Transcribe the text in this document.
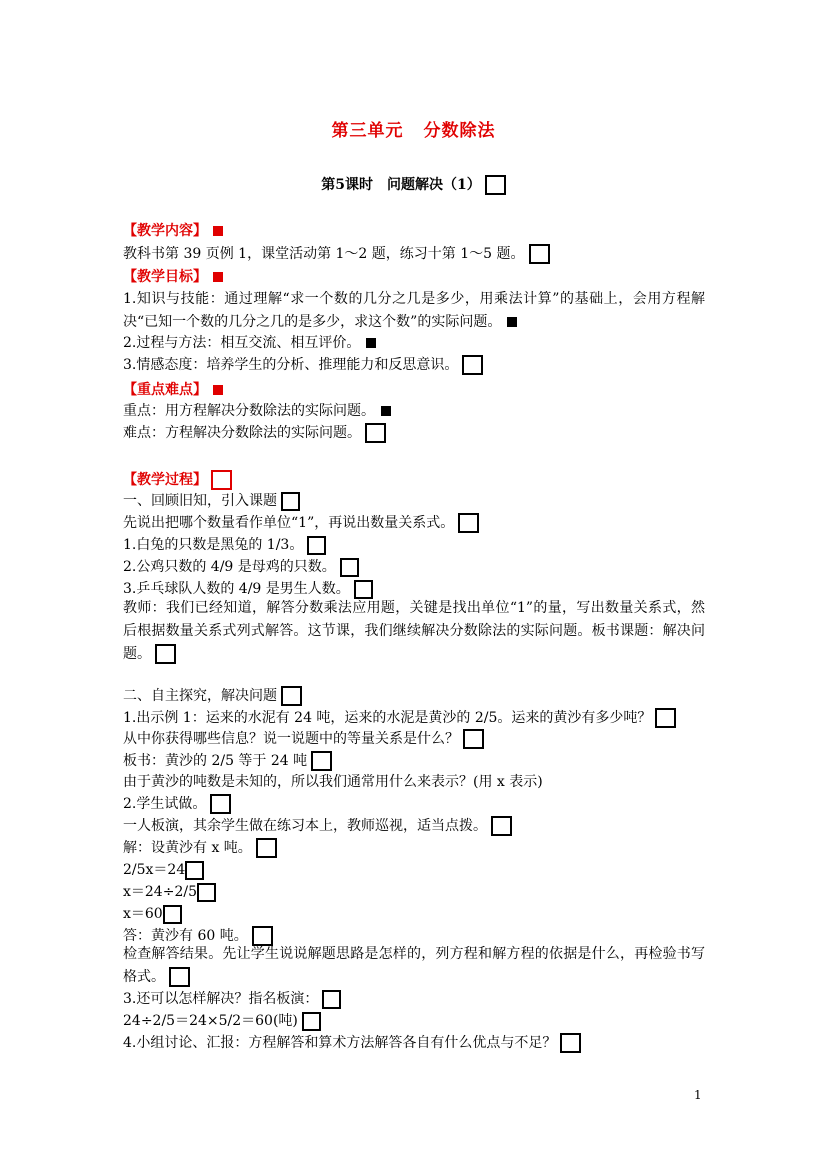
第三单元 分数除法
第5课时　问题解决（1）
【教学内容】
教科书第 39 页例 1，课堂活动第 1～2 题，练习十第 1～5 题。
【教学目标】
1.知识与技能：通过理解“求一个数的几分之几是多少，用乘法计算”的基础上，会用方程解决“已知一个数的几分之几的是多少，求这个数”的实际问题。
2.过程与方法：相互交流、相互评价。
3.情感态度：培养学生的分析、推理能力和反思意识。
【重点难点】
重点：用方程解决分数除法的实际问题。
难点：方程解决分数除法的实际问题。
【教学过程】
一、回顾旧知，引入课题
先说出把哪个数量看作单位“1”，再说出数量关系式。
1.白兔的只数是黑兔的 1/3。
2.公鸡只数的 4/9 是母鸡的只数。
3.乒乓球队人数的 4/9 是男生人数。
教师：我们已经知道，解答分数乘法应用题，关键是找出单位“1”的量，写出数量关系式，然后根据数量关系式列式解答。这节课，我们继续解决分数除法的实际问题。板书课题：解决问题。
二、自主探究，解决问题
1.出示例 1：运来的水泥有 24 吨，运来的水泥是黄沙的 2/5。运来的黄沙有多少吨？
从中你获得哪些信息？说一说题中的等量关系是什么？
板书：黄沙的 2/5 等于 24 吨
由于黄沙的吨数是未知的，所以我们通常用什么来表示？(用 x 表示)
2.学生试做。
一人板演，其余学生做在练习本上，教师巡视，适当点拨。
解：设黄沙有 x 吨。
2/5x＝24
x＝24÷2/5
x＝60
答：黄沙有 60 吨。
检查解答结果。先让学生说说解题思路是怎样的，列方程和解方程的依据是什么，再检验书写格式。
3.还可以怎样解决？指名板演：
24÷2/5＝24×5/2＝60(吨)
4.小组讨论、汇报：方程解答和算术方法解答各自有什么优点与不足？
1
